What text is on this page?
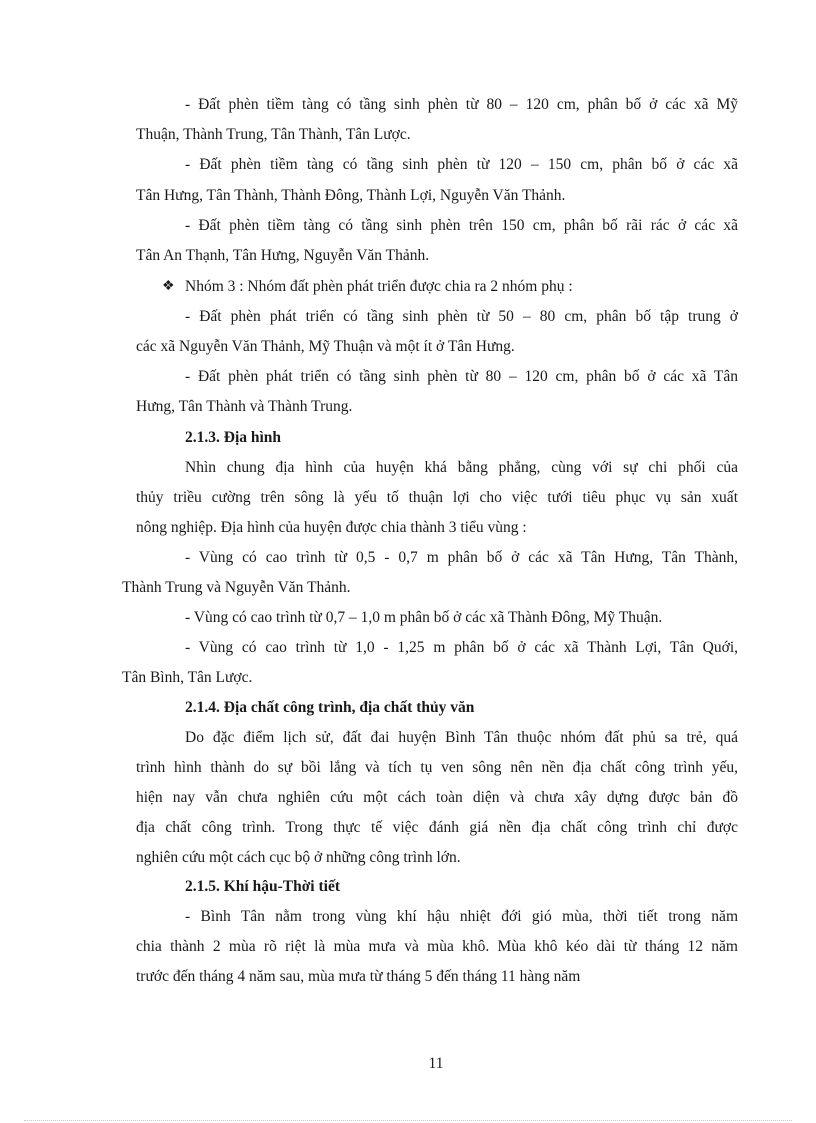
- Đất phèn tiềm tàng có tầng sinh phèn từ 80 – 120 cm, phân bố ở các xã Mỹ
Thuận, Thành Trung, Tân Thành, Tân Lược.
- Đất phèn tiềm tàng có tầng sinh phèn từ 120 – 150 cm, phân bố ở các xã
Tân Hưng, Tân Thành, Thành Đông, Thành Lợi, Nguyễn Văn Thảnh.
- Đất phèn tiềm tàng có tầng sinh phèn trên 150 cm, phân bố rãi rác ở các xã
Tân An Thạnh, Tân Hưng, Nguyễn Văn Thảnh.
❖ Nhóm 3 : Nhóm đất phèn phát triển được chia ra 2 nhóm phụ :
- Đất phèn phát triển có tầng sinh phèn từ 50 – 80 cm, phân bố tập trung ở
các xã Nguyễn Văn Thảnh, Mỹ Thuận và một ít ở Tân Hưng.
- Đất phèn phát triển có tầng sinh phèn từ 80 – 120 cm, phân bố ở các xã Tân
Hưng, Tân Thành và Thành Trung.
2.1.3. Địa hình
Nhìn chung địa hình của huyện khá bằng phẳng, cùng với sự chi phối của
thủy triều cường trên sông là yếu tố thuận lợi cho việc tưới tiêu phục vụ sản xuất
nông nghiệp. Địa hình của huyện được chia thành 3 tiểu vùng :
- Vùng có cao trình từ 0,5 - 0,7 m phân bố ở các xã Tân Hưng, Tân Thành,
Thành Trung và Nguyễn Văn Thảnh.
- Vùng có cao trình từ 0,7 – 1,0 m phân bố ở các xã Thành Đông, Mỹ Thuận.
- Vùng có cao trình từ 1,0 - 1,25 m phân bố ở các xã Thành Lợi, Tân Quới,
Tân Bình, Tân Lược.
2.1.4. Địa chất công trình, địa chất thủy văn
Do đặc điểm lịch sử, đất đai huyện Bình Tân thuộc nhóm đất phủ sa trẻ, quá
trình hình thành do sự bồi lắng và tích tụ ven sông nên nền địa chất công trình yếu,
hiện nay vẫn chưa nghiên cứu một cách toàn diện và chưa xây dựng được bản đồ
địa chất công trình. Trong thực tế việc đánh giá nền địa chất công trình chỉ được
nghiên cứu một cách cục bộ ở những công trình lớn.
2.1.5. Khí hậu-Thời tiết
- Bình Tân nằm trong vùng khí hậu nhiệt đới gió mùa, thời tiết trong năm
chia thành 2 mùa rõ riệt là mùa mưa và mùa khô. Mùa khô kéo dài từ tháng 12 năm
trước đến tháng 4 năm sau, mùa mưa từ tháng 5 đến tháng 11 hàng năm
11
